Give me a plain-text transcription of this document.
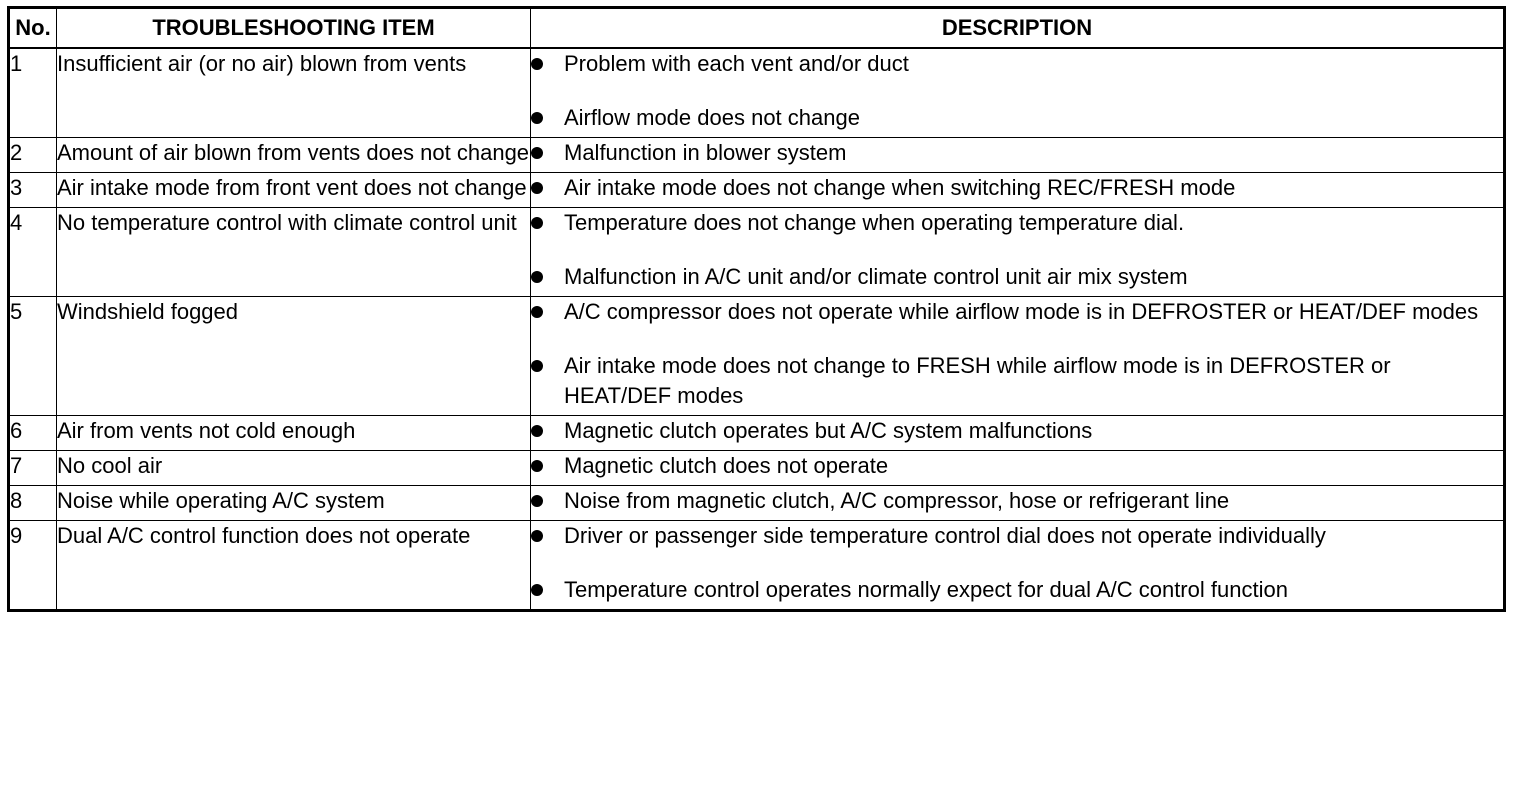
No.	TROUBLESHOOTING ITEM	DESCRIPTION
1	Insufficient air (or no air) blown from vents	Problem with each vent and/or duct
Airflow mode does not change

2	Amount of air blown from vents does not change	Malfunction in blower system

3	Air intake mode from front vent does not change	Air intake mode does not change when switching REC/FRESH mode

4	No temperature control with climate control unit	Temperature does not change when operating temperature dial.
Malfunction in A/C unit and/or climate control unit air mix system

5	Windshield fogged	A/C compressor does not operate while airflow mode is in DEFROSTER or HEAT/DEF modes
Air intake mode does not change to FRESH while airflow mode is in DEFROSTER or HEAT/DEF modes

6	Air from vents not cold enough	Magnetic clutch operates but A/C system malfunctions

7	No cool air	Magnetic clutch does not operate

8	Noise while operating A/C system	Noise from magnetic clutch, A/C compressor, hose or refrigerant line

9	Dual A/C control function does not operate	Driver or passenger side temperature control dial does not operate individually
Temperature control operates normally expect for dual A/C control function
